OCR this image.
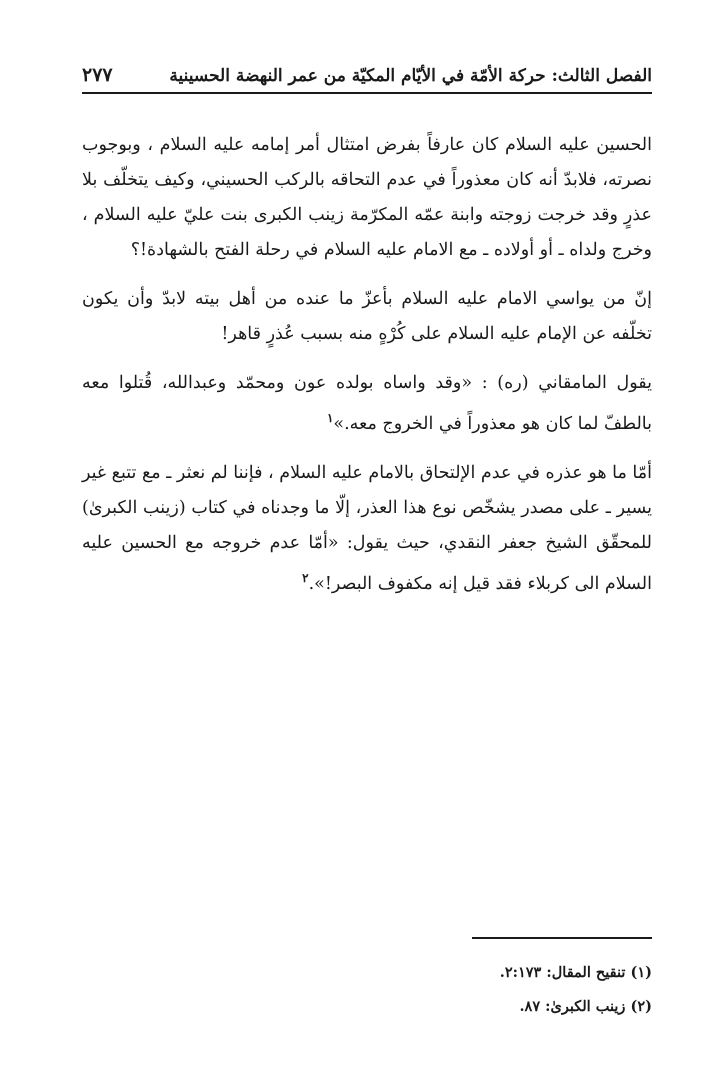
الفصل الثالث: حركة الأمّة في الأيّام المكيّة من عمر النهضة الحسينية
٢٧٧

الحسين عليه السلام كان عارفاً بفرض امتثال أمر إمامه عليه السلام ، وبوجوب نصرته، فلابدّ أنه كان معذوراً في عدم التحاقه بالركب الحسيني، وكيف يتخلّف بلا عذرٍ وقد خرجت زوجته وابنة عمّه المكرّمة زينب الكبرى بنت عليّ عليه السلام ، وخرج ولداه ـ أو أولاده ـ مع الامام عليه السلام في رحلة الفتح بالشهادة!؟

إنّ من يواسي الامام عليه السلام بأعزّ ما عنده من أهل بيته لابدّ وأن يكون تخلّفه عن الإمام عليه السلام على كُرْهٍ منه بسبب عُذرٍ قاهر!

يقول المامقاني (ره) : «وقد واساه بولده عون ومحمّد وعبدالله، قُتلوا معه بالطفّ لما كان هو معذوراً في الخروج معه.»$^١$

أمّا ما هو عذره في عدم الإلتحاق بالامام عليه السلام ، فإننا لم نعثر ـ مع تتبع غير يسير ـ على مصدر يشخّص نوع هذا العذر، إلّا ما وجدناه في كتاب (زينب الكبرىٰ) للمحقّق الشيخ جعفر النقدي، حيث يقول: «أمّا عدم خروجه مع الحسين عليه السلام الى كربلاء فقد قيل إنه مكفوف البصر!».$^٢$

(١) تنقيح المقال: ٢:١٧٣.

(٢) زينب الكبرىٰ: ٨٧.
